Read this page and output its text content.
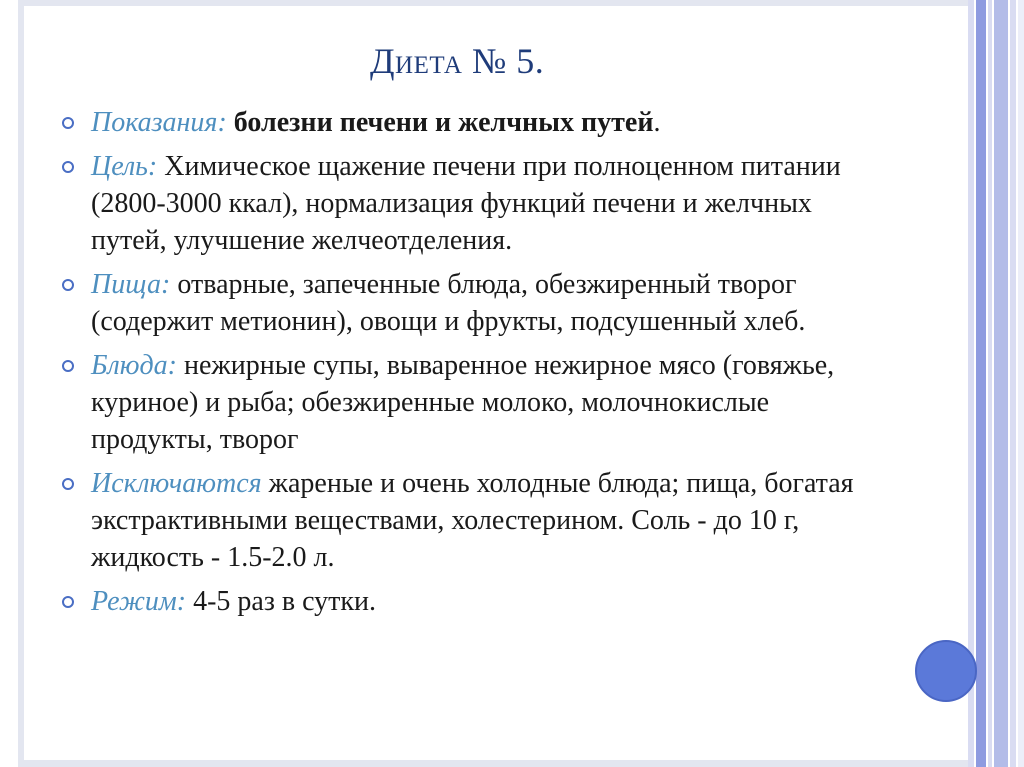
Диета № 5.
Показания: болезни печени и желчных путей.
Цель: Химическое щажение печени при полноценном питании (2800-3000 ккал), нормализация функций печени и желчных путей, улучшение желчеотделения.
Пища: отварные, запеченные блюда, обезжиренный творог (содержит метионин), овощи и фрукты, подсушенный хлеб.
Блюда: нежирные супы, вываренное нежирное мясо (говяжье, куриное) и рыба; обезжиренные молоко, молочнокислые продукты, творог
Исключаются жареные и очень холодные блюда; пища, богатая экстрактивными веществами, холестерином. Соль - до 10 г, жидкость - 1.5-2.0 л.
Режим: 4-5 раз в сутки.
